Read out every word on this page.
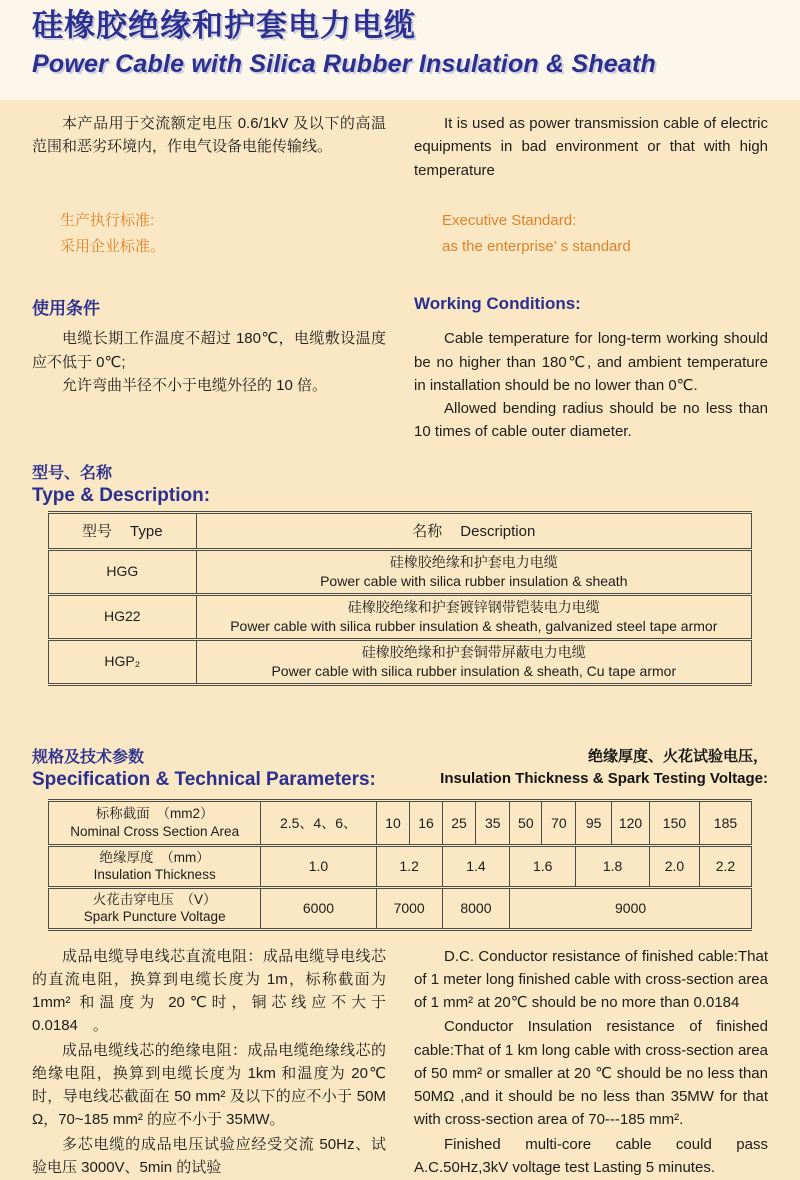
硅橡胶绝缘和护套电力电缆
Power Cable with Silica Rubber Insulation & Sheath

本产品用于交流额定电压 0.6/1kV 及以下的高温范围和恶劣环境内，作电气设备电能传输线。

It is used as power transmission cable of electric equipments in bad environment or that with high temperature

生产执行标准:
采用企业标准。
Executive Standard:
as the enterprise’ s standard
使用条件	Working Conditions:

电缆长期工作温度不超过 180℃，电缆敷设温度应不低于 0℃;

允许弯曲半径不小于电缆外径的 10 倍。

Cable temperature for long-term working should be no higher than 180℃, and ambient temperature in installation should be no lower than 0℃.

Allowed bending radius should be no less than 10 times of cable outer diameter.

型号、名称
Type & Description:
型号 Type	名称 Description
HGG	硅橡胶绝缘和护套电力电缆
Power cable with silica rubber insulation & sheath

HG22	硅橡胶绝缘和护套镀锌钢带铠装电力电缆
Power cable with silica rubber insulation & sheath, galvanized steel tape armor

HGP₂	硅橡胶绝缘和护套铜带屏蔽电力电缆
Power cable with silica rubber insulation & sheath, Cu tape armor
规格及技术参数
Specification & Technical Parameters:
绝缘厚度、火花试验电压，
Insulation Thickness & Spark Testing Voltage:
标称截面　（mm2）
Nominal Cross Section Area	2.5、4、6、	10	16	25	35	50	70	95	120	150	185

绝缘厚度　（mm）
Insulation Thickness	1.0	1.2		1.4		1.6		1.8		2.0	2.2

火花击穿电压　（V）
Spark Puncture Voltage	6000	7000		8000		9000					

成品电缆导电线芯直流电阻：成品电缆导电线芯的直流电阻，换算到电缆长度为 1m，标称截面为 1mm² 和温度为 20℃时，铜芯线应不大于 0.0184　。

成品电缆线芯的绝缘电阻：成品电缆绝缘线芯的绝缘电阻，换算到电缆长度为 1km 和温度为 20℃时，导电线芯截面在 50 mm² 及以下的应不小于 50M Ω，70~185 mm² 的应不小于 35MW。

多芯电缆的成品电压试验应经受交流 50Hz、试验电压 3000V、5min 的试验

D.C. Conductor resistance of finished cable:That of 1 meter long finished cable with cross-section area of 1 mm² at 20℃ should be no more than 0.0184

Conductor Insulation resistance of finished cable:That of 1 km long cable with cross-section area of 50 mm² or smaller at 20 ℃ should be no less than 50MΩ ,and it should be no less than 35MW for that with cross-section area of 70---185 mm².

Finished multi-core cable could pass A.C.50Hz,3kV voltage test Lasting 5 minutes.
